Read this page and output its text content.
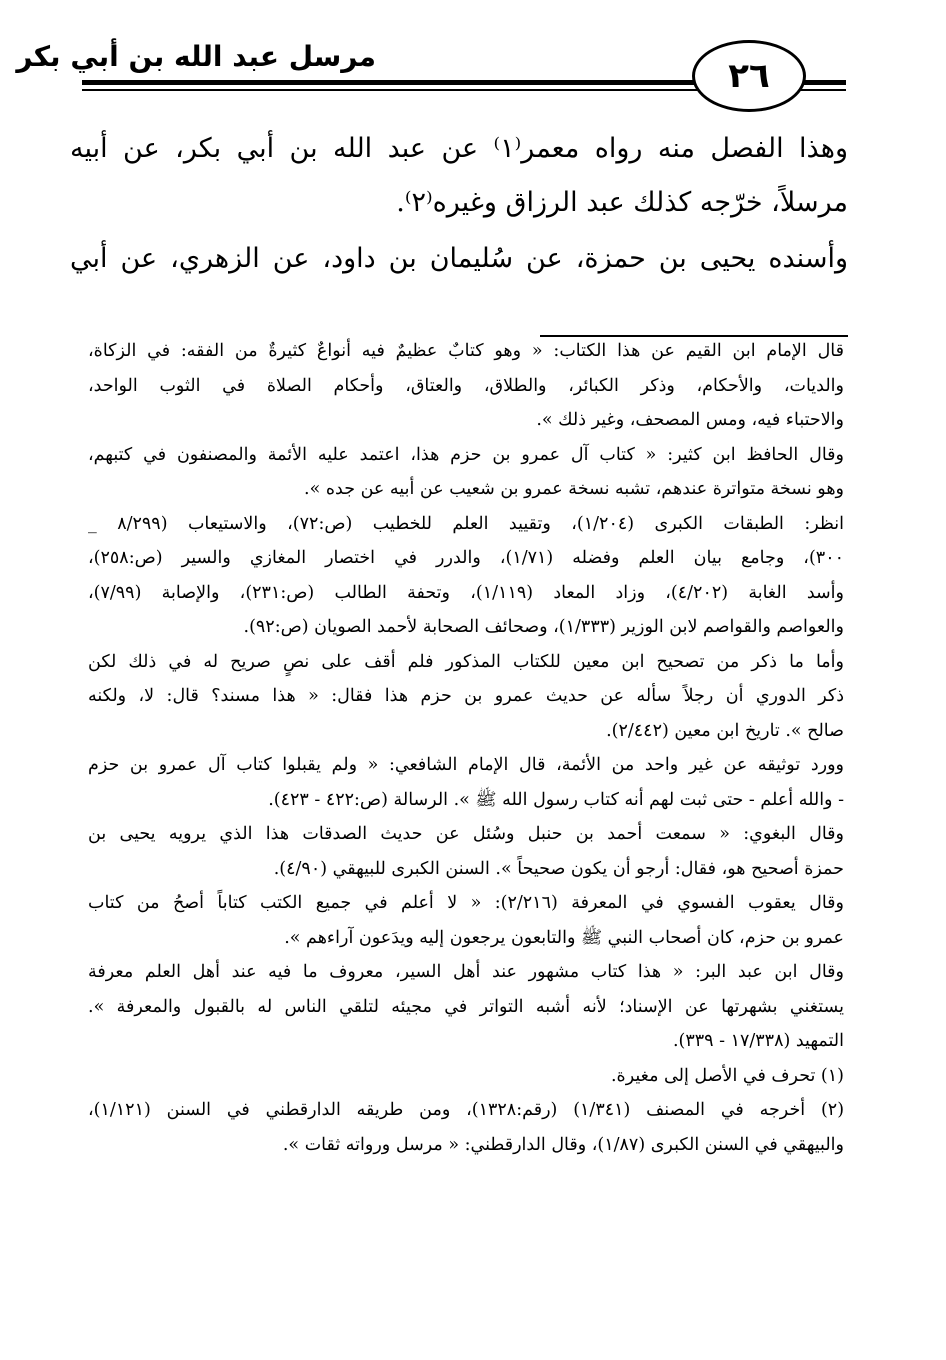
مرسل عبد الله بن أبي بكر	٢٦
وهذا الفصل منه رواه معمر⁽١⁾ عن عبد الله بن أبي بكر، عن أبيه
مرسلاً، خرّجه كذلك عبد الرزاق وغيره⁽٢⁾.
وأسنده يحيى بن حمزة، عن سُليمان بن داود، عن الزهري، عن أبي
قال الإمام ابن القيم عن هذا الكتاب: « وهو كتابٌ عظيمٌ فيه أنواعٌ كثيرةٌ من الفقه: في الزكاة،
والديات، والأحكام، وذكر الكبائر، والطلاق، والعتاق، وأحكام الصلاة في الثوب الواحد،
والاحتباء فيه، ومس المصحف، وغير ذلك ».
وقال الحافظ ابن كثير: « كتاب آل عمرو بن حزم هذا، اعتمد عليه الأئمة والمصنفون في كتبهم،
وهو نسخة متواترة عندهم، تشبه نسخة عمرو بن شعيب عن أبيه عن جده ».
انظر: الطبقات الكبرى (١/٢٠٤)، وتقييد العلم للخطيب (ص:٧٢)، والاستيعاب (٨/٢٩٩ _
٣٠٠)، وجامع بيان العلم وفضله (١/٧١)، والدرر في اختصار المغازي والسير (ص:٢٥٨)،
وأسد الغابة (٤/٢٠٢)، وزاد المعاد (١/١١٩)، وتحفة الطالب (ص:٢٣١)، والإصابة (٧/٩٩)،
والعواصم والقواصم لابن الوزير (١/٣٣٣)، وصحائف الصحابة لأحمد الصويان (ص:٩٢).
وأما ما ذكر من تصحيح ابن معين للكتاب المذكور فلم أقف على نصٍ صريح له في ذلك لكن
ذكر الدوري أن رجلاً سأله عن حديث عمرو بن حزم هذا فقال: « هذا مسند؟ قال: لا، ولكنه
صالح ». تاريخ ابن معين (٢/٤٤٢).
وورد توثيقه عن غير واحد من الأئمة، قال الإمام الشافعي: « ولم يقبلوا كتاب آل عمرو بن حزم
- والله أعلم - حتى ثبت لهم أنه كتاب رسول الله ﷺ ». الرسالة (ص:٤٢٢ - ٤٢٣).
وقال البغوي: « سمعت أحمد بن حنبل وسُئل عن حديث الصدقات هذا الذي يرويه يحيى بن
حمزة أصحيح هو، فقال: أرجو أن يكون صحيحاً ». السنن الكبرى للبيهقي (٤/٩٠).
وقال يعقوب الفسوي في المعرفة (٢/٢١٦): « لا أعلم في جميع الكتب كتاباً أصحُ من كتاب
عمرو بن حزم، كان أصحاب النبي ﷺ والتابعون يرجعون إليه ويدَعون آراءهم ».
وقال ابن عبد البر: « هذا كتاب مشهور عند أهل السير، معروف ما فيه عند أهل العلم معرفة
يستغني بشهرتها عن الإسناد؛ لأنه أشبه التواتر في مجيئه لتلقي الناس له بالقبول والمعرفة ».
التمهيد (١٧/٣٣٨ - ٣٣٩).
(١) تحرف في الأصل إلى مغيرة.
(٢) أخرجه في المصنف (١/٣٤١) (رقم:١٣٢٨)، ومن طريقه الدارقطني في السنن (١/١٢١)،
والبيهقي في السنن الكبرى (١/٨٧)، وقال الدارقطني: « مرسل ورواته ثقات ».
